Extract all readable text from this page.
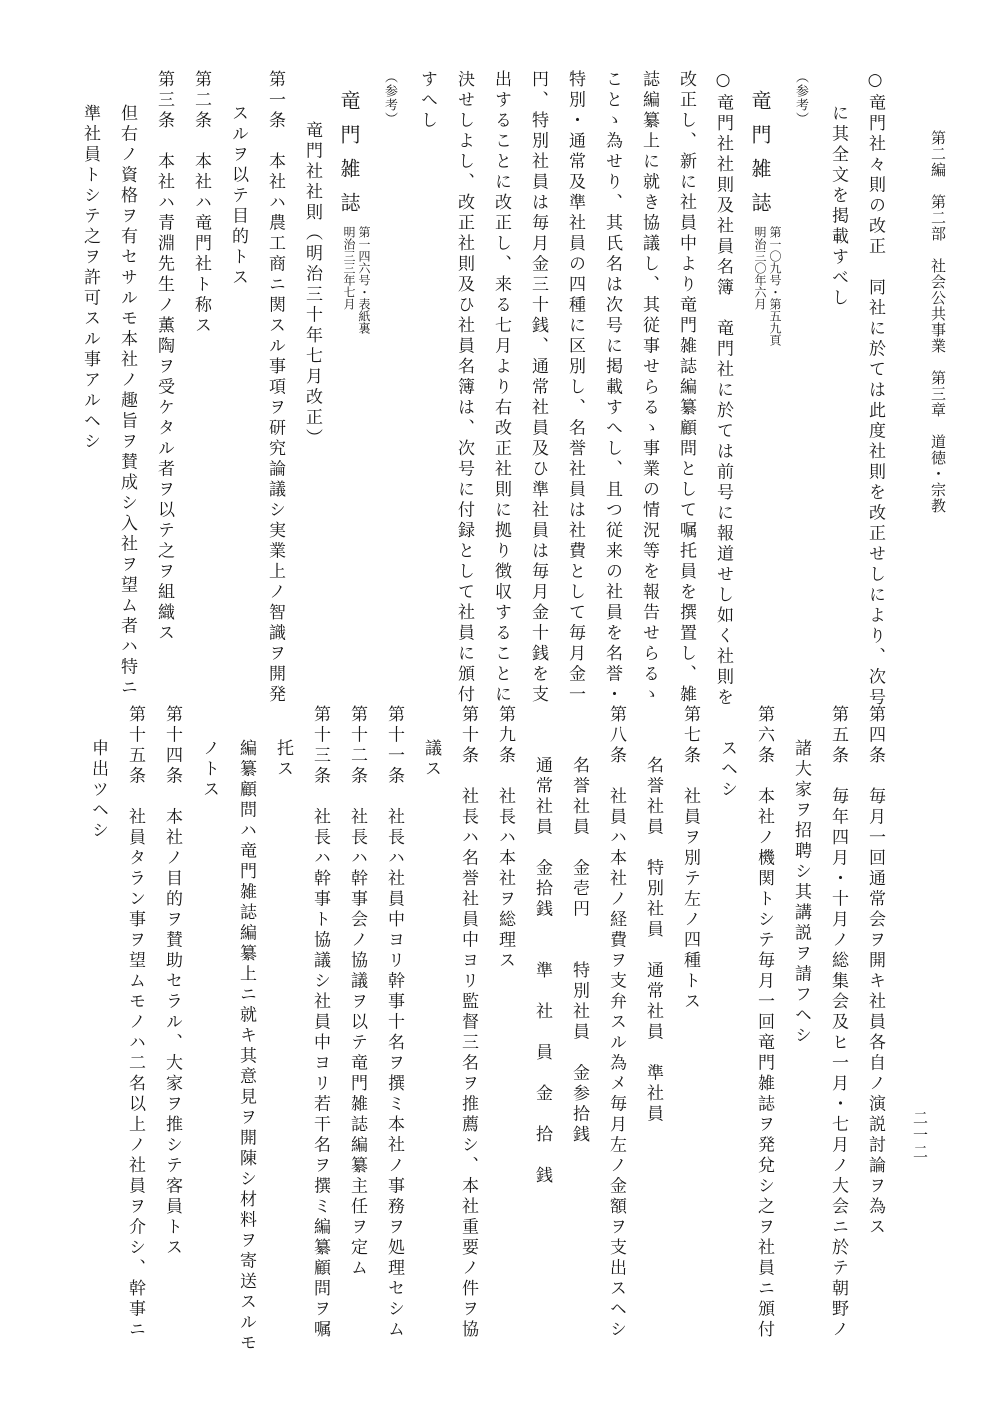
第二編　第二部　社会公共事業　第三章　道徳・宗教
二一二
○竜門社々則の改正　同社に於ては此度社則を改正せしにより、次号
に其全文を掲載すべし
（参考）
竜門雑誌
第一〇九号・第五九頁
明治三〇年六月
○竜門社社則及社員名簿　竜門社に於ては前号に報道せし如く社則を
改正し、新に社員中より竜門雑誌編纂顧問として嘱托員を撰置し、雑
誌編纂上に就き協議し、其従事せらるゝ事業の情況等を報告せらるゝ
ことゝ為せり、其氏名は次号に掲載すへし、且つ従来の社員を名誉・
特別・通常及準社員の四種に区別し、名誉社員は社費として毎月金一
円、特別社員は毎月金三十銭、通常社員及ひ準社員は毎月金十銭を支
出することに改正し、来る七月より右改正社則に拠り徴収することに
決せしよし、改正社則及ひ社員名簿は、次号に付録として社員に頒付
すへし
（参考）
竜門雑誌
第一四六号・表紙裏
明治三三年七月
竜門社社則（明治三十年七月改正）
第一条　本社ハ農工商ニ関スル事項ヲ研究論議シ実業上ノ智識ヲ開発
スルヲ以テ目的トス
第二条　本社ハ竜門社ト称ス
第三条　本社ハ青淵先生ノ薫陶ヲ受ケタル者ヲ以テ之ヲ組織ス
但右ノ資格ヲ有セサルモ本社ノ趣旨ヲ賛成シ入社ヲ望ム者ハ特ニ
準社員トシテ之ヲ許可スル事アルヘシ
第四条　毎月一回通常会ヲ開キ社員各自ノ演説討論ヲ為ス
第五条　毎年四月・十月ノ総集会及ヒ一月・七月ノ大会ニ於テ朝野ノ
諸大家ヲ招聘シ其講説ヲ請フヘシ
第六条　本社ノ機関トシテ毎月一回竜門雑誌ヲ発兌シ之ヲ社員ニ頒付
スヘシ
第七条　社員ヲ別テ左ノ四種トス
名誉社員　特別社員　通常社員　準社員
第八条　社員ハ本社ノ経費ヲ支弁スル為メ毎月左ノ金額ヲ支出スヘシ
名誉社員　金壱円　　特別社員　金参拾銭
通常社員　金拾銭　　準　社　員　金　拾　銭
第九条　社長ハ本社ヲ総理ス
第十条　社長ハ名誉社員中ヨリ監督三名ヲ推薦シ、本社重要ノ件ヲ協
議ス
第十一条　社長ハ社員中ヨリ幹事十名ヲ撰ミ本社ノ事務ヲ処理セシム
第十二条　社長ハ幹事会ノ協議ヲ以テ竜門雑誌編纂主任ヲ定ム
第十三条　社長ハ幹事ト協議シ社員中ヨリ若干名ヲ撰ミ編纂顧問ヲ嘱
托ス
編纂顧問ハ竜門雑誌編纂上ニ就キ其意見ヲ開陳シ材料ヲ寄送スルモ
ノトス
第十四条　本社ノ目的ヲ賛助セラル、大家ヲ推シテ客員トス
第十五条　社員タラン事ヲ望ムモノハ二名以上ノ社員ヲ介シ、幹事ニ
申出ツヘシ
